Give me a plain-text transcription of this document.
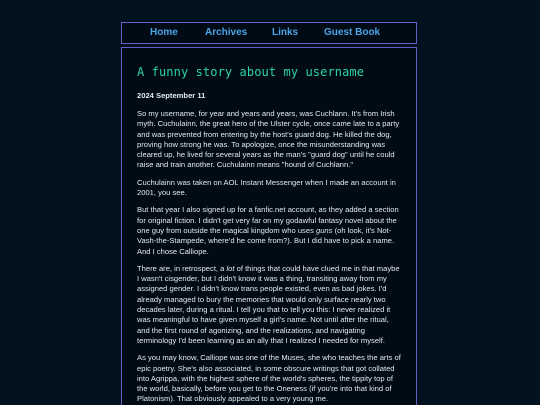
Home	Archives Links	Guest Book
A funny story about my username
2024 September 11

So my username, for year and years and years, was Cuchlann. It's from Irish myth. Cuchulainn, the great hero of the Ulster cycle, once came late to a party and was prevented from entering by the host's guard dog. He killed the dog, proving how strong he was. To apologize, once the misunderstanding was cleared up, he lived for several years as the man's "guard dog" until he could raise and train another. Cuchulainn means "hound of Cuchlann."

Cuchulainn was taken on AOL Instant Messenger when I made an account in 2001, you see.

But that year I also signed up for a fanfic.net account, as they added a section for original fiction. I didn't get very far on my godawful fantasy novel about the one guy from outside the magical kingdom who uses guns (oh look, it's Not-Vash-the-Stampede, where'd he come from?). But I did have to pick a name. And I chose Calliope.

There are, in retrospect, a lot of things that could have clued me in that maybe I wasn't cisgender, but I didn't know it was a thing, transiting away from my assigned gender. I didn't know trans people existed, even as bad jokes. I'd already managed to bury the memories that would only surface nearly two decades later, during a ritual. I tell you that to tell you this: I never realized it was meaningful to have given myself a girl's name. Not until after the ritual, and the first round of agonizing, and the realizations, and navigating terminology I'd been learning as an ally that I realized I needed for myself.

As you may know, Calliope was one of the Muses, she who teaches the arts of epic poetry. She's also associated, in some obscure writings that got collated into Agrippa, with the highest sphere of the world's spheres, the tippity top of the world, basically, before you get to the Oneness (if you're into that kind of Platonism). That obviously appealed to a very young me.
